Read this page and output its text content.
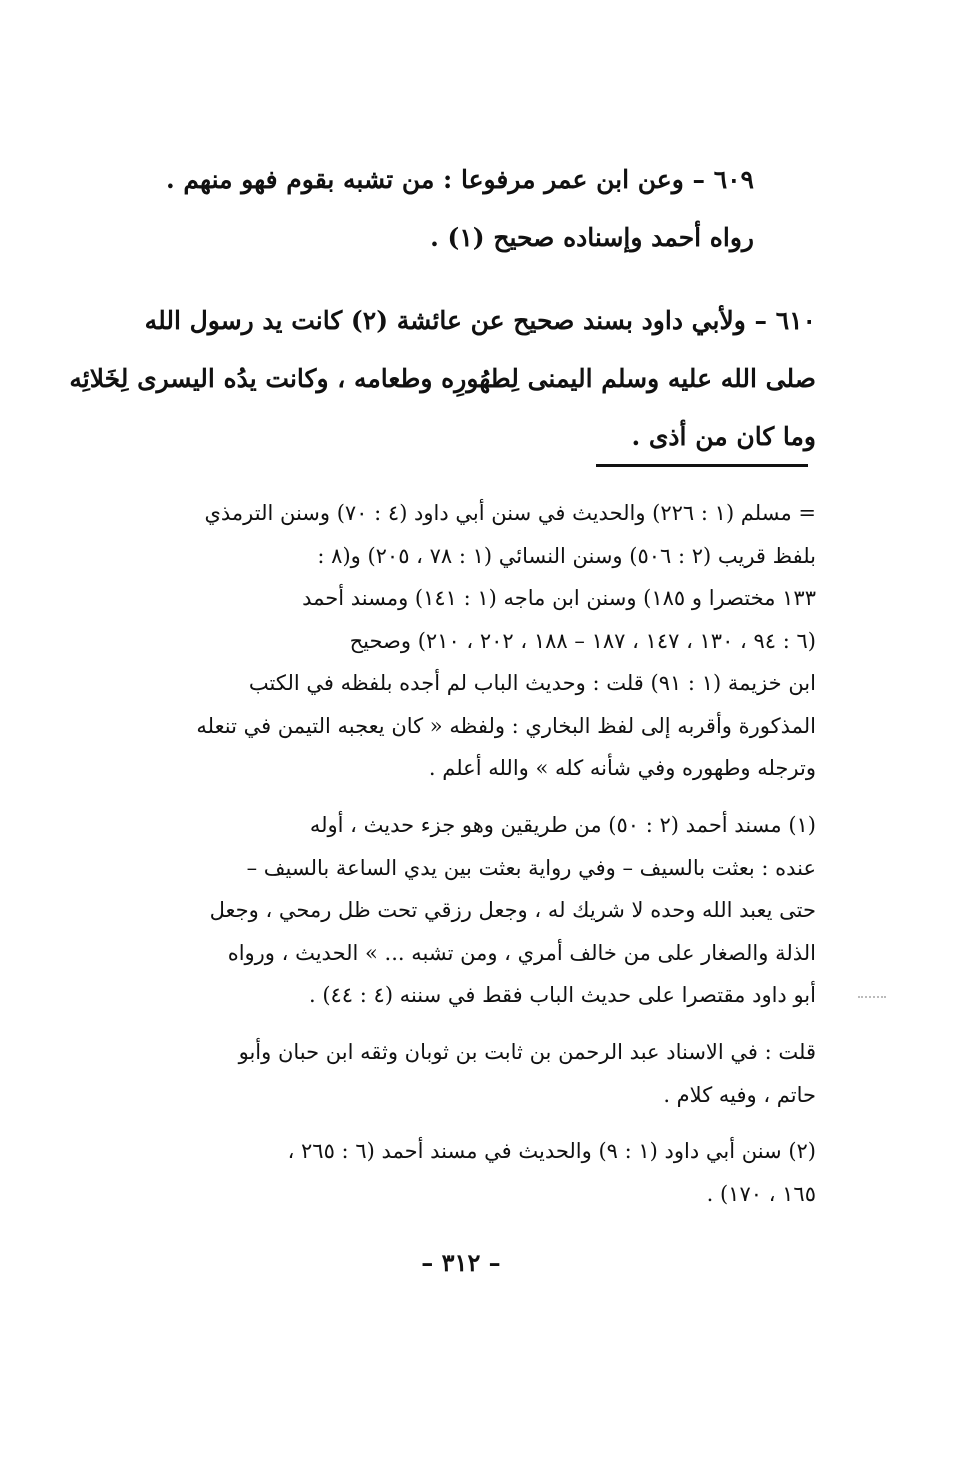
٦٠٩ – وعن ابن عمر مرفوعا : من تشبه بقوم فهو منهم .
رواه أحمد وإسناده صحيح (١) .
٦١٠ – ولأبي داود بسند صحيح عن عائشة (٢) كانت يد رسول الله
صلى الله عليه وسلم اليمنى لِطهُورِه وطعامه ، وكانت يدُه اليسرى لِخَلائِه
وما كان من أذى .
= مسلم (١ : ٢٢٦) والحديث في سنن أبي داود (٤ : ٧٠) وسنن الترمذي
بلفظ قريب (٢ : ٥٠٦) وسنن النسائي (١ : ٧٨ ، ٢٠٥) و(٨ :
١٣٣ مختصرا و ١٨٥) وسنن ابن ماجه (١ : ١٤١) ومسند أحمد
(٦ : ٩٤ ، ١٣٠ ، ١٤٧ ، ١٨٧ – ١٨٨ ، ٢٠٢ ، ٢١٠) وصحيح
ابن خزيمة (١ : ٩١) قلت : وحديث الباب لم أجده بلفظه في الكتب
المذكورة وأقربه إلى لفظ البخاري : ولفظه « كان يعجبه التيمن في تنعله
وترجله وطهوره وفي شأنه كله » والله أعلم .
(١) مسند أحمد (٢ : ٥٠) من طريقين وهو جزء حديث ، أوله
عنده : بعثت بالسيف – وفي رواية بعثت بين يدي الساعة بالسيف –
حتى يعبد الله وحده لا شريك له ، وجعل رزقي تحت ظل رمحي ، وجعل
الذلة والصغار على من خالف أمري ، ومن تشبه ... » الحديث ، ورواه
أبو داود مقتصرا على حديث الباب فقط في سننه (٤ : ٤٤) .
قلت : في الاسناد عبد الرحمن بن ثابت بن ثوبان وثقه ابن حبان وأبو
حاتم ، وفيه كلام .
(٢) سنن أبي داود (١ : ٩) والحديث في مسند أحمد (٦ : ٢٦٥ ،
١٦٥ ، ١٧٠) .
– ٣١٢ –
